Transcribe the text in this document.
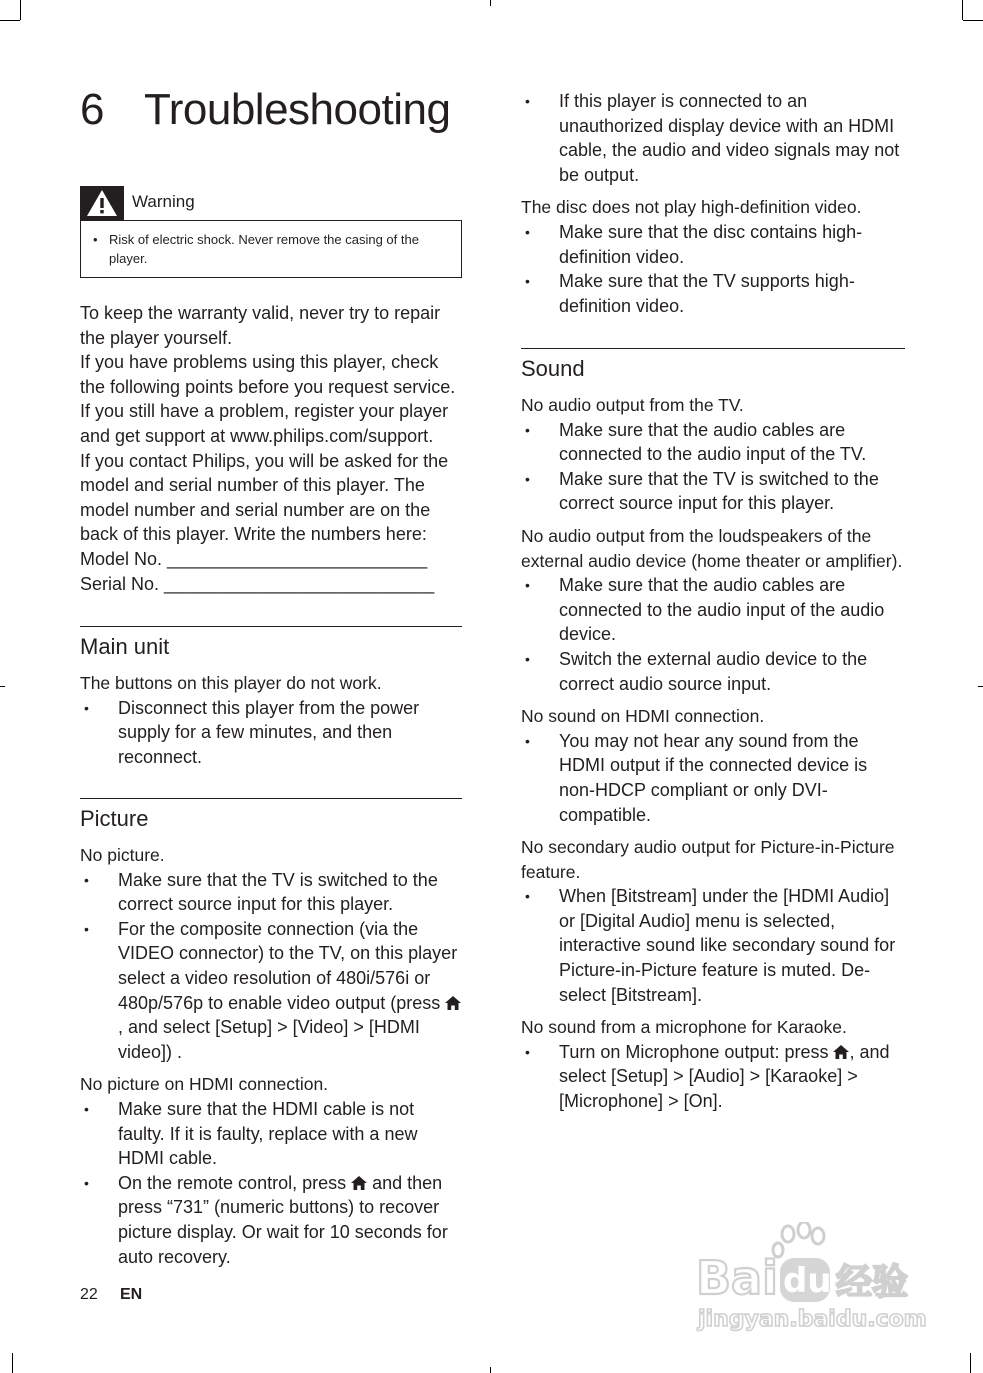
6 Troubleshooting
Warning
• Risk of electric shock. Never remove the casing of the player.
To keep the warranty valid, never try to repair the player yourself.
If you have problems using this player, check the following points before you request service. If you still have a problem, register your player and get support at www.philips.com/support.
If you contact Philips, you will be asked for the model and serial number of this player. The model number and serial number are on the back of this player. Write the numbers here:
Model No. __________________________
Serial No. ___________________________
Main unit
The buttons on this player do not work.
• Disconnect this player from the power supply for a few minutes, and then reconnect.
Picture
No picture.
• Make sure that the TV is switched to the correct source input for this player.
• For the composite connection (via the VIDEO connector) to the TV, on this player select a video resolution of 480i/576i or 480p/576p to enable video output (press , and select [Setup] > [Video] > [HDMI video]) .
No picture on HDMI connection.
• Make sure that the HDMI cable is not faulty. If it is faulty, replace with a new HDMI cable.
• On the remote control, press  and then press “731” (numeric buttons) to recover picture display. Or wait for 10 seconds for auto recovery.
• If this player is connected to an unauthorized display device with an HDMI cable, the audio and video signals may not be output.
The disc does not play high-definition video.
• Make sure that the disc contains high-definition video.
• Make sure that the TV supports high-definition video.
Sound
No audio output from the TV.
• Make sure that the audio cables are connected to the audio input of the TV.
• Make sure that the TV is switched to the correct source input for this player.
No audio output from the loudspeakers of the external audio device (home theater or amplifier).
• Make sure that the audio cables are connected to the audio input of the audio device.
• Switch the external audio device to the correct audio source input.
No sound on HDMI connection.
• You may not hear any sound from the HDMI output if the connected device is non-HDCP compliant or only DVI-compatible.
No secondary audio output for Picture-in-Picture feature.
• When [Bitstream] under the [HDMI Audio] or [Digital Audio] menu is selected, interactive sound like secondary sound for Picture-in-Picture feature is muted. De-select [Bitstream].
No sound from a microphone for Karaoke.
• Turn on Microphone output: press , and select [Setup] > [Audio] > [Karaoke] > [Microphone] > [On].
22 EN	Bai du 经验
jingyan.baidu.com
